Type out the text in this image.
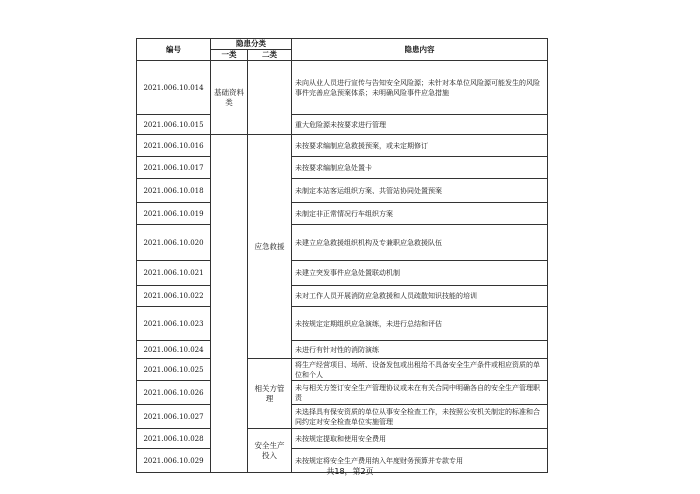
编号	隐患分类		隐患内容
	一类	二类	
2021.006.10.014	基础资料类		未向从业人员进行宣传与告知安全风险源；未针对本单位风险源可能发生的风险事件完善应急预案体系；未明确风险事件应急措施
2021.006.10.015			重大危险源未按要求进行管理
2021.006.10.016		应急救援	未按要求编制应急救援预案，或未定期修订
2021.006.10.017			未按要求编制应急处置卡
2021.006.10.018			未制定本站客运组织方案、共管站协同处置预案
2021.006.10.019			未制定非正常情况行车组织方案
2021.006.10.020			未建立应急救援组织机构及专兼职应急救援队伍
2021.006.10.021			未建立突发事件应急处置联动机制
2021.006.10.022			未对工作人员开展消防应急救援和人员疏散知识技能的培训
2021.006.10.023			未按规定定期组织应急演练，未进行总结和评估
2021.006.10.024			未进行有针对性的消防演练
2021.006.10.025		相关方管理	将生产经营项目、场所、设备发包或出租给不具备安全生产条件或相应资质的单位和个人
2021.006.10.026			未与相关方签订安全生产管理协议或未在有关合同中明确各自的安全生产管理职责
2021.006.10.027			未选择具有保安资质的单位从事安全检查工作，未按照公安机关制定的标准和合同约定对安全检查单位实施管理
2021.006.10.028		安全生产投入	未按规定提取和使用安全费用
2021.006.10.029			未按规定将安全生产费用纳入年度财务预算并专款专用
共18，第2页
